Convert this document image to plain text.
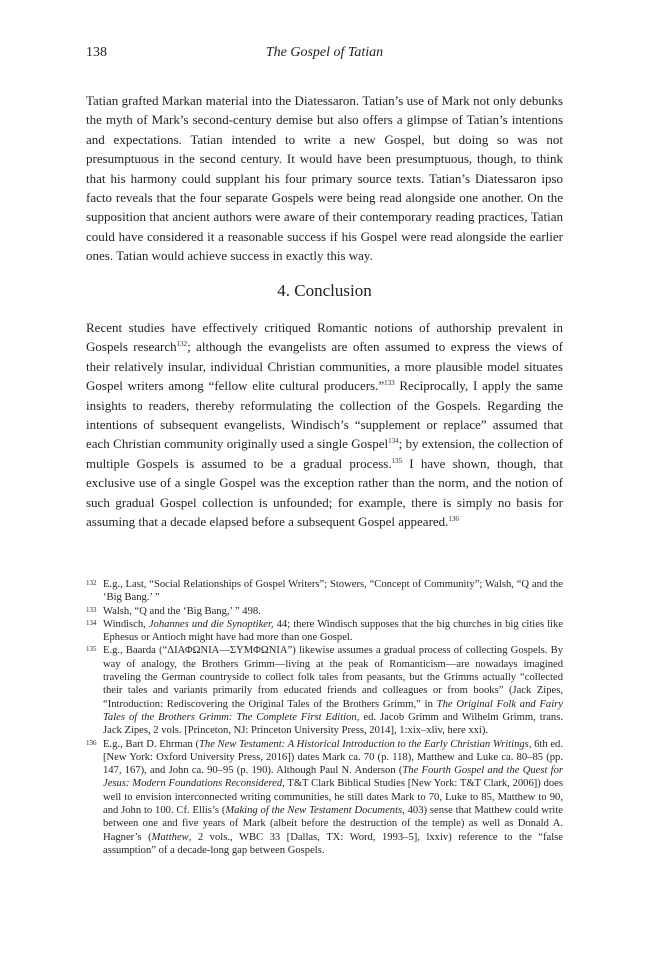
138	The Gospel of Tatian

Tatian grafted Markan material into the Diatessaron. Tatian’s use of Mark not only debunks the myth of Mark’s second-century demise but also offers a glimpse of Tatian’s intentions and expectations. Tatian intended to write a new Gospel, but doing so was not presumptuous in the second century. It would have been presumptuous, though, to think that his harmony could supplant his four primary source texts. Tatian’s Diatessaron ipso facto reveals that the four separate Gospels were being read alongside one another. On the supposition that ancient authors were aware of their contemporary reading practices, Tatian could have considered it a reasonable success if his Gospel were read alongside the earlier ones. Tatian would achieve success in exactly this way.

4. Conclusion

Recent studies have effectively critiqued Romantic notions of authorship prevalent in Gospels research$^{132}$; although the evangelists are often assumed to express the views of their relatively insular, individual Christian communities, a more plausible model situates Gospel writers among “fellow elite cultural producers.”$^{133}$ Reciprocally, I apply the same insights to readers, thereby reformulating the collection of the Gospels. Regarding the intentions of subsequent evangelists, Windisch’s “supplement or replace” assumed that each Christian community originally used a single Gospel$^{134}$; by extension, the collection of multiple Gospels is assumed to be a gradual process.$^{135}$ I have shown, though, that exclusive use of a single Gospel was the exception rather than the norm, and the notion of such gradual Gospel collection is unfounded; for example, there is simply no basis for assuming that a decade elapsed before a subsequent Gospel appeared.$^{136}$

132 E.g., Last, “Social Relationships of Gospel Writers”; Stowers, “Concept of Community”; Walsh, “Q and the ‘Big Bang.’ ”
133 Walsh, “Q and the ‘Big Bang,’ ” 498.
134 Windisch, Johannes und die Synoptiker, 44; there Windisch supposes that the big churches in big cities like Ephesus or Antioch might have had more than one Gospel.
135 E.g., Baarda (“ΔΙΑΦΩΝΙΑ—ΣΥΜΦΩΝΙΑ”) likewise assumes a gradual process of collecting Gospels. By way of analogy, the Brothers Grimm—living at the peak of Romanticism—are nowadays imagined traveling the German countryside to collect folk tales from peasants, but the Grimms actually “collected their tales and variants primarily from educated friends and colleagues or from books” (Jack Zipes, “Introduction: Rediscovering the Original Tales of the Brothers Grimm,” in The Original Folk and Fairy Tales of the Brothers Grimm: The Complete First Edition, ed. Jacob Grimm and Wilhelm Grimm, trans. Jack Zipes, 2 vols. [Princeton, NJ: Princeton University Press, 2014], 1:xix–xliv, here xxi).
136 E.g., Bart D. Ehrman (The New Testament: A Historical Introduction to the Early Christian Writings, 6th ed. [New York: Oxford University Press, 2016]) dates Mark ca. 70 (p. 118), Matthew and Luke ca. 80–85 (pp. 147, 167), and John ca. 90–95 (p. 190). Although Paul N. Anderson (The Fourth Gospel and the Quest for Jesus: Modern Foundations Reconsidered, T&T Clark Biblical Studies [New York: T&T Clark, 2006]) does well to envision interconnected writing communities, he still dates Mark to 70, Luke to 85, Matthew to 90, and John to 100. Cf. Ellis’s (Making of the New Testament Documents, 403) sense that Matthew could write between one and five years of Mark (albeit before the destruction of the temple) as well as Donald A. Hagner’s (Matthew, 2 vols., WBC 33 [Dallas, TX: Word, 1993–5], lxxiv) reference to the “false assumption” of a decade-long gap between Gospels.
